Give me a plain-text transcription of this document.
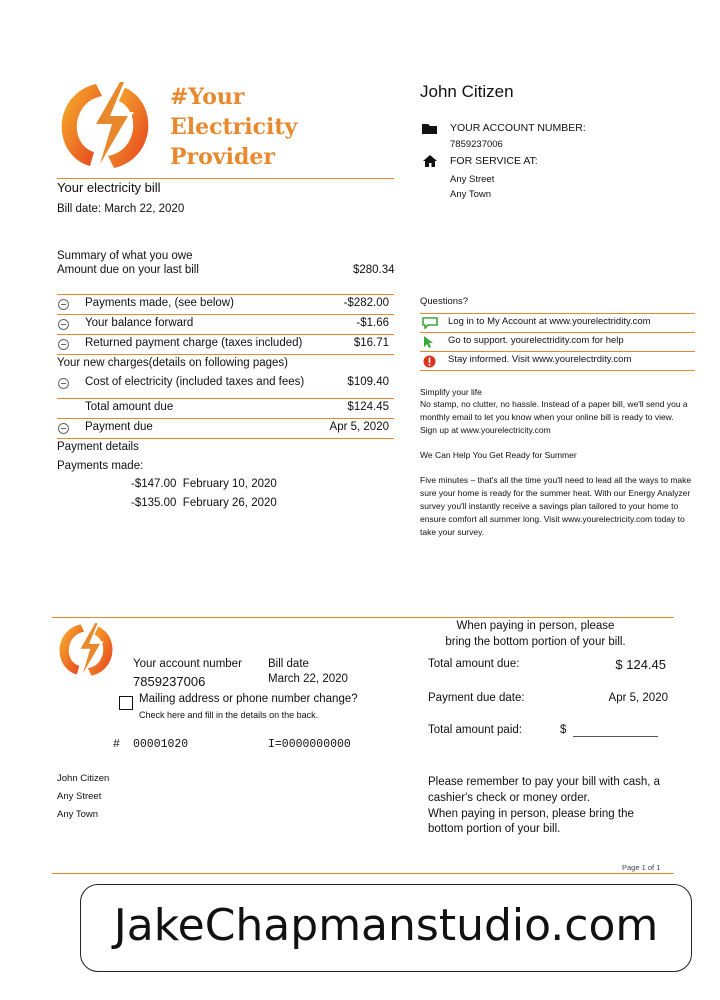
#Your
Electricity
Provider
Your electricity bill
Bill date: March 22, 2020
John Citizen
YOUR ACCOUNT NUMBER:
7859237006
FOR SERVICE AT:
Any Street
Any Town
Summary of what you owe
Amount due on your last bill	$280.34
Payments made, (see below)	-$282.00
Your balance forward	-$1.66
Returned payment charge (taxes included)	$16.71
Your new charges(details on following pages)
Cost of electricity (included taxes and fees)	$109.40
Total amount due	$124.45
Payment due	Apr 5, 2020
Payment details
Payments made:
-$147.00 February 10, 2020
-$135.00 February 26, 2020
Questions?
Log in to My Account at www.yourelectridity.com
Go to support. yourelectridity.com for help
Stay informed. Visit www.yourelectrdity.com
Simplify your life
No stamp, no clutter, no hassle. Instead of a paper bill, we'll send you a monthly email to let you know when your online bill is ready to view. Sign up at www.yourelectricity.com
We Can Help You Get Ready for Summer
Five minutes – that's all the time you'll need to lead all the ways to make sure your home is ready for the summer heat. With our Energy Analyzer survey you'll instantly receive a savings plan tailored to your home to ensure comfort all summer long. Visit www.yourelectricity.com today to take your survey.
Your account number
7859237006
Bill date
March 22, 2020
Mailing address or phone number change?
Check here and fill in the details on the back.
# 00001020	I=0000000000
John Citizen
Any Street
Any Town
When paying in person, please
bring the bottom portion of your bill.
Total amount due:	$ 124.45
Payment due date:	Apr 5, 2020
Total amount paid:	$
Please remember to pay your bill with cash, a
cashier's check or money order.
When paying in person, please bring the
bottom portion of your bill.
Page 1 of 1
JakeChapmanstudio.com
